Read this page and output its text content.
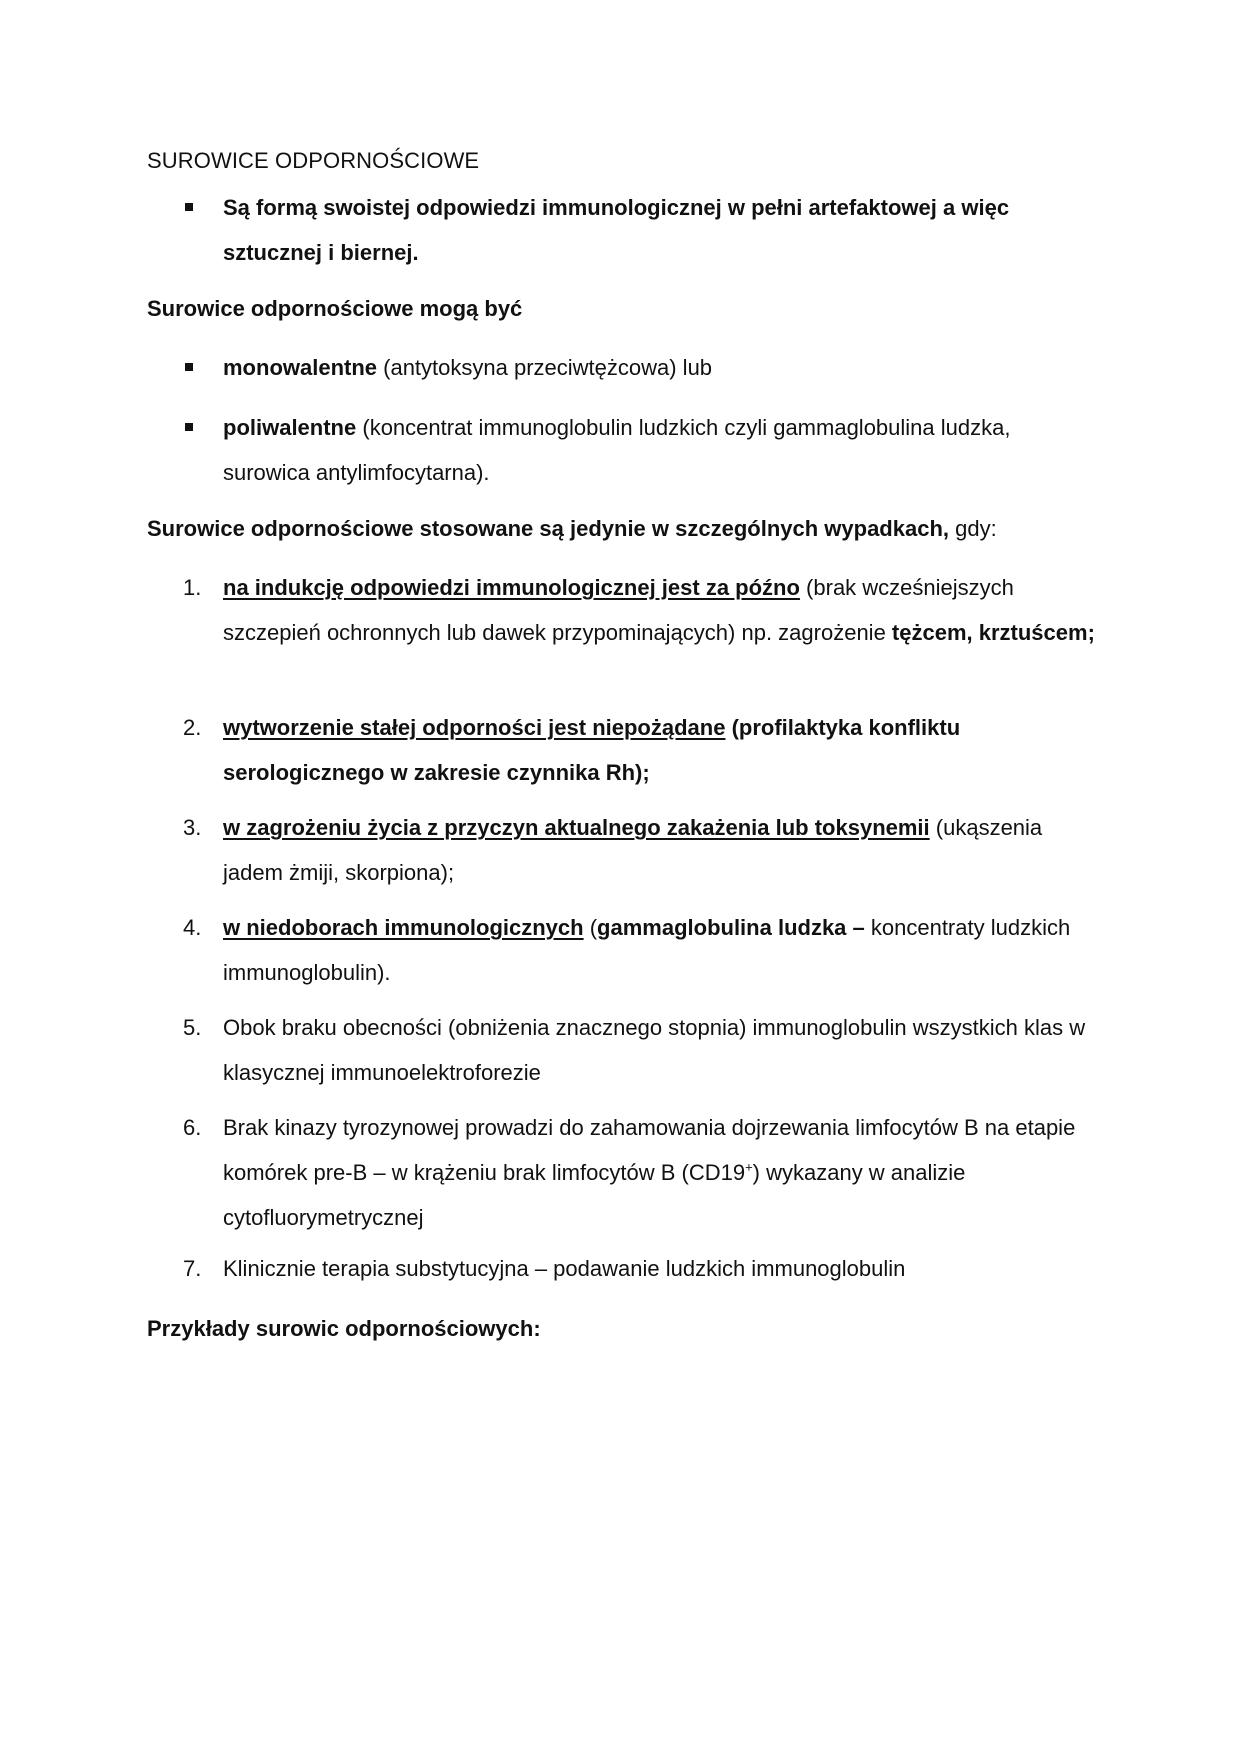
SUROWICE ODPORNOŚCIOWE
Są formą swoistej odpowiedzi immunologicznej w pełni artefaktowej a więc sztucznej i biernej.
Surowice odpornościowe mogą być
monowalentne (antytoksyna przeciwtężcowa) lub
poliwalentne (koncentrat immunoglobulin ludzkich czyli gammaglobulina ludzka, surowica antylimfocytarna).
Surowice odpornościowe stosowane są jedynie w szczególnych wypadkach, gdy:
1. na indukcję odpowiedzi immunologicznej jest za późno (brak wcześniejszych szczepień ochronnych lub dawek przypominających) np. zagrożenie tężcem, krztuścem;
2. wytworzenie stałej odporności jest niepożądane (profilaktyka konfliktu serologicznego w zakresie czynnika Rh);
3. w zagrożeniu życia z przyczyn aktualnego zakażenia lub toksynemii (ukąszenia jadem żmiji, skorpiona);
4. w niedoborach immunologicznych (gammaglobulina ludzka – koncentraty ludzkich immunoglobulin).
5. Obok braku obecności (obniżenia znacznego stopnia) immunoglobulin wszystkich klas w klasycznej immunoelektroforezie
6. Brak kinazy tyrozynowej prowadzi do zahamowania dojrzewania limfocytów B na etapie komórek pre-B – w krążeniu brak limfocytów B (CD19+) wykazany w analizie cytofluorymetrycznej
7. Klinicznie terapia substytucyjna – podawanie ludzkich immunoglobulin
Przykłady surowic odpornościowych:
